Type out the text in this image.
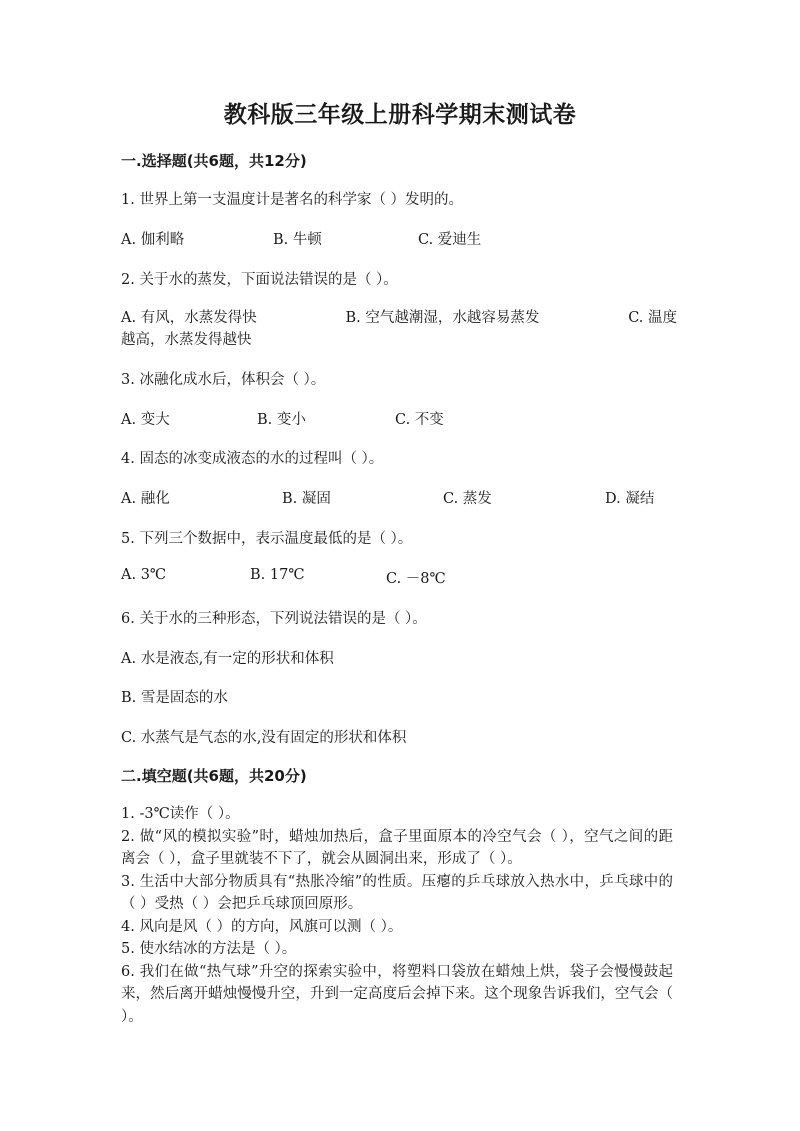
教科版三年级上册科学期末测试卷
一.选择题(共6题，共12分)
1. 世界上第一支温度计是著名的科学家（ ）发明的。
A. 伽利略	B. 牛顿	C. 爱迪生
2. 关于水的蒸发，下面说法错误的是（ ）。
A. 有风，水蒸发得快	B. 空气越潮湿，水越容易蒸发	C. 温度
越高，水蒸发得越快
3. 冰融化成水后，体积会（ ）。
A. 变大	B. 变小	C. 不变
4. 固态的冰变成液态的水的过程叫（ ）。
A. 融化	B. 凝固	C. 蒸发	D. 凝结
5. 下列三个数据中，表示温度最低的是（ ）。
A. 3℃	B. 17℃	C. －8℃
6. 关于水的三种形态，下列说法错误的是（ ）。
A. 水是液态,有一定的形状和体积
B. 雪是固态的水
C. 水蒸气是气态的水,没有固定的形状和体积
二.填空题(共6题，共20分)

1. -3℃读作（ ）。

2. 做“风的模拟实验”时，蜡烛加热后，盒子里面原本的冷空气会（ ），空气之间的距离会（ ），盒子里就装不下了，就会从圆洞出来，形成了（ ）。

3. 生活中大部分物质具有“热胀冷缩”的性质。压瘪的乒乓球放入热水中，乒乓球中的（ ）受热（ ）会把乒乓球顶回原形。

4. 风向是风（ ）的方向，风旗可以测（ ）。

5. 使水结冰的方法是（ ）。

6. 我们在做“热气球”升空的探索实验中，将塑料口袋放在蜡烛上烘，袋子会慢慢鼓起来，然后离开蜡烛慢慢升空，升到一定高度后会掉下来。这个现象告诉我们，空气会（ ）。
